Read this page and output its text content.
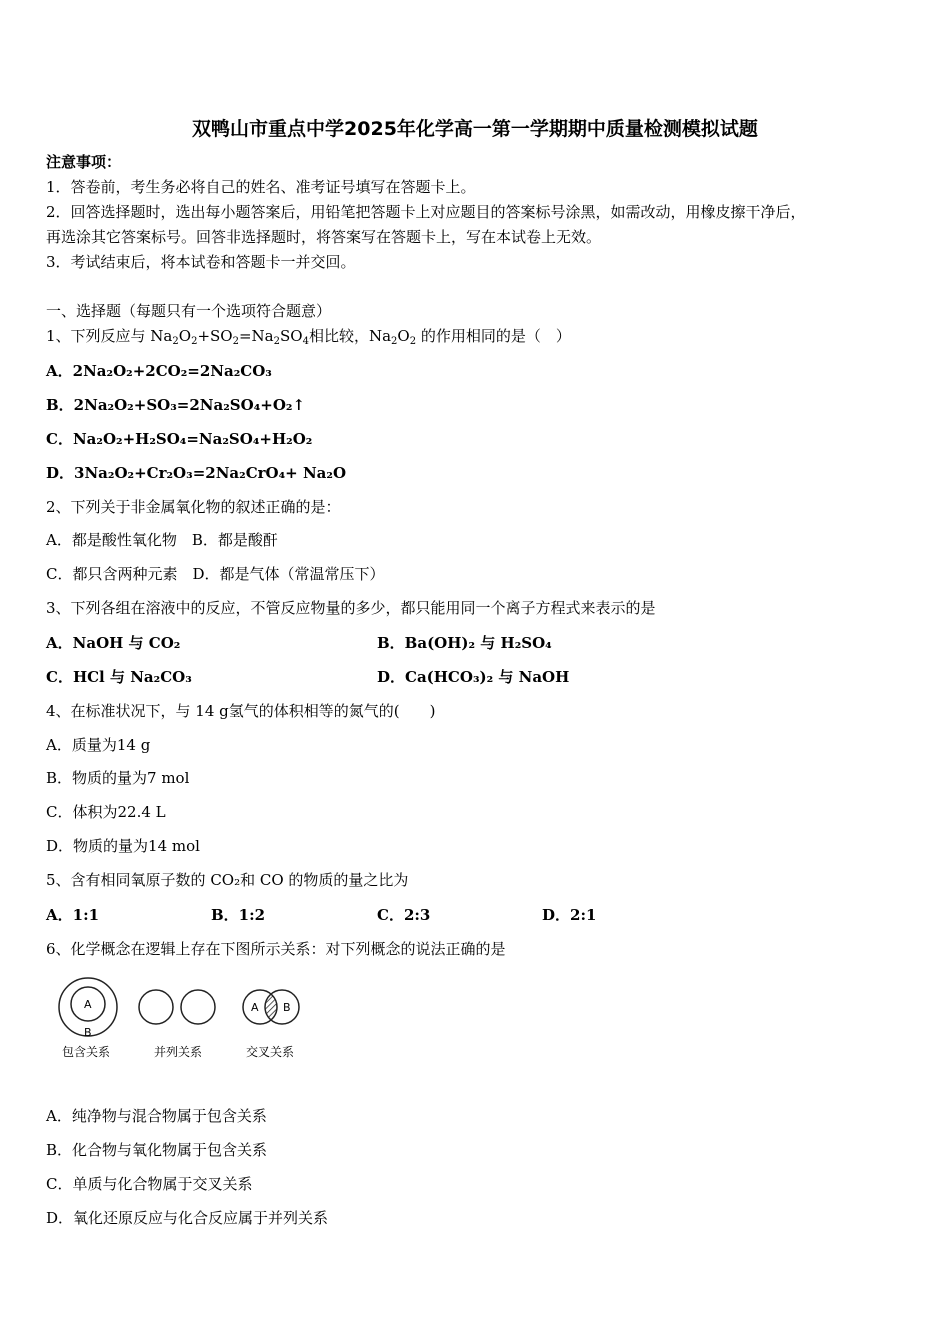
双鸭山市重点中学2025年化学高一第一学期期中质量检测模拟试题
注意事项：
1．答卷前，考生务必将自己的姓名、准考证号填写在答题卡上。
2．回答选择题时，选出每小题答案后，用铅笔把答题卡上对应题目的答案标号涂黑，如需改动，用橡皮擦干净后，
再选涂其它答案标号。回答非选择题时，将答案写在答题卡上，写在本试卷上无效。
3．考试结束后，将本试卷和答题卡一并交回。
一、选择题（每题只有一个选项符合题意）
1、下列反应与 $Na_2O_2+SO_2=Na_2SO_4$相比较，$Na_2O_2$ 的作用相同的是（　）
A．2Na₂O₂+2CO₂=2Na₂CO₃
B．2Na₂O₂+SO₃=2Na₂SO₄+O₂↑
C．Na₂O₂+H₂SO₄=Na₂SO₄+H₂O₂
D．3Na₂O₂+Cr₂O₃=2Na₂CrO₄+ Na₂O
2、下列关于非金属氧化物的叙述正确的是：
A．都是酸性氧化物　B．都是酸酐
C．都只含两种元素　D．都是气体（常温常压下）
3、下列各组在溶液中的反应，不管反应物量的多少，都只能用同一个离子方程式来表示的是
A．NaOH 与 CO₂	B．Ba(OH)₂ 与 H₂SO₄
C．HCl 与 Na₂CO₃	D．Ca(HCO₃)₂ 与 NaOH
4、在标准状况下，与 14 g氢气的体积相等的氮气的(　　)
A．质量为14 g
B．物质的量为7 mol
C．体积为22.4 L
D．物质的量为14 mol
5、含有相同氧原子数的 CO₂和 CO 的物质的量之比为
A．1:1	B．1:2	C．2:3	D．2:1
6、化学概念在逻辑上存在下图所示关系：对下列概念的说法正确的是
A
B
包含关系	并列关系
A B
交叉关系
A．纯净物与混合物属于包含关系
B．化合物与氧化物属于包含关系
C．单质与化合物属于交叉关系
D．氧化还原反应与化合反应属于并列关系
